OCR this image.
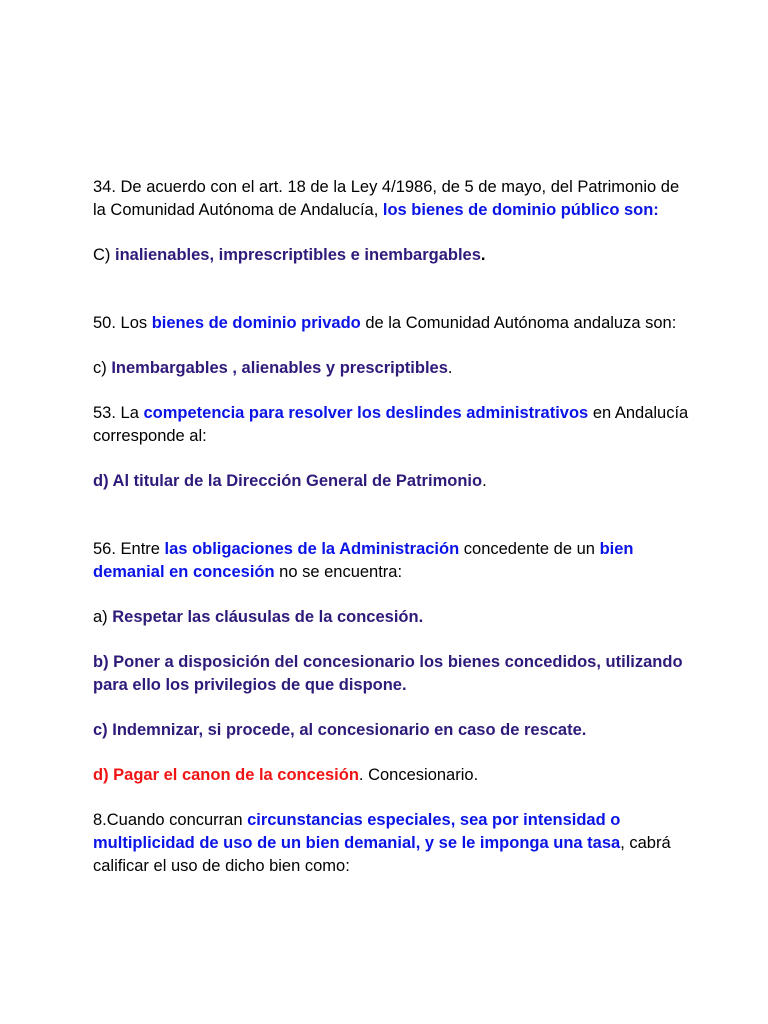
34. De acuerdo con el art. 18 de la Ley 4/1986, de 5 de mayo, del Patrimonio de la Comunidad Autónoma de Andalucía, los bienes de dominio público son:

C) inalienables, imprescriptibles e inembargables.

50. Los bienes de dominio privado de la Comunidad Autónoma andaluza son:

c) Inembargables , alienables y prescriptibles.

53. La competencia para resolver los deslindes administrativos en Andalucía corresponde al:

d) Al titular de la Dirección General de Patrimonio.

56. Entre las obligaciones de la Administración concedente de un bien demanial en concesión no se encuentra:

a) Respetar las cláusulas de la concesión.

b) Poner a disposición del concesionario los bienes concedidos, utilizando para ello los privilegios de que dispone.

c) Indemnizar, si procede, al concesionario en caso de rescate.

d) Pagar el canon de la concesión. Concesionario.

8.Cuando concurran circunstancias especiales, sea por intensidad o multiplicidad de uso de un bien demanial, y se le imponga una tasa, cabrá calificar el uso de dicho bien como:
